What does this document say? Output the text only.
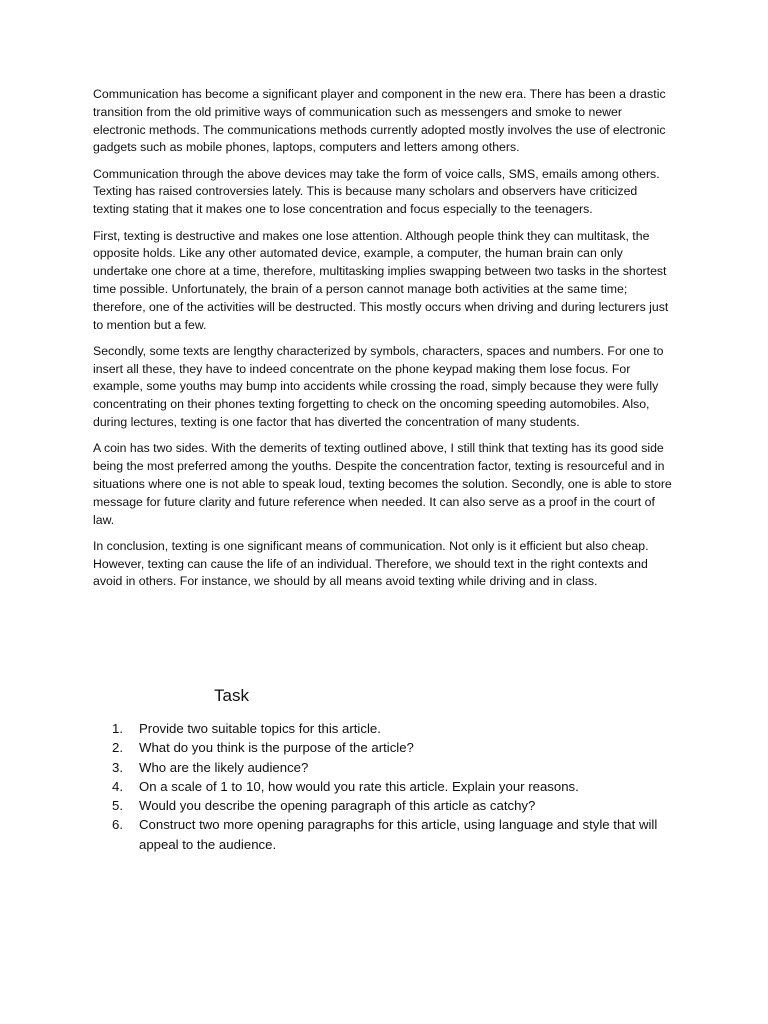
Communication has become a significant player and component in the new era. There has been a drastic transition from the old primitive ways of communication such as messengers and smoke to newer electronic methods. The communications methods currently adopted mostly involves the use of electronic gadgets such as mobile phones, laptops, computers and letters among others.

Communication through the above devices may take the form of voice calls, SMS, emails among others. Texting has raised controversies lately. This is because many scholars and observers have criticized texting stating that it makes one to lose concentration and focus especially to the teenagers.

First, texting is destructive and makes one lose attention. Although people think they can multitask, the opposite holds. Like any other automated device, example, a computer, the human brain can only undertake one chore at a time, therefore, multitasking implies swapping between two tasks in the shortest time possible. Unfortunately, the brain of a person cannot manage both activities at the same time; therefore, one of the activities will be destructed. This mostly occurs when driving and during lecturers just to mention but a few.

Secondly, some texts are lengthy characterized by symbols, characters, spaces and numbers. For one to insert all these, they have to indeed concentrate on the phone keypad making them lose focus. For example, some youths may bump into accidents while crossing the road, simply because they were fully concentrating on their phones texting forgetting to check on the oncoming speeding automobiles. Also, during lectures, texting is one factor that has diverted the concentration of many students.

A coin has two sides. With the demerits of texting outlined above, I still think that texting has its good side being the most preferred among the youths. Despite the concentration factor, texting is resourceful and in situations where one is not able to speak loud, texting becomes the solution. Secondly, one is able to store message for future clarity and future reference when needed. It can also serve as a proof in the court of law.

In conclusion, texting is one significant means of communication. Not only is it efficient but also cheap. However, texting can cause the life of an individual. Therefore, we should text in the right contexts and avoid in others. For instance, we should by all means avoid texting while driving and in class.

Task
1.	Provide two suitable topics for this article.
2.	What do you think is the purpose of the article?
3.	Who are the likely audience?
4.	On a scale of 1 to 10, how would you rate this article. Explain your reasons.
5.	Would you describe the opening paragraph of this article as catchy?
6.	Construct two more opening paragraphs for this article, using language and style that will appeal to the audience.
